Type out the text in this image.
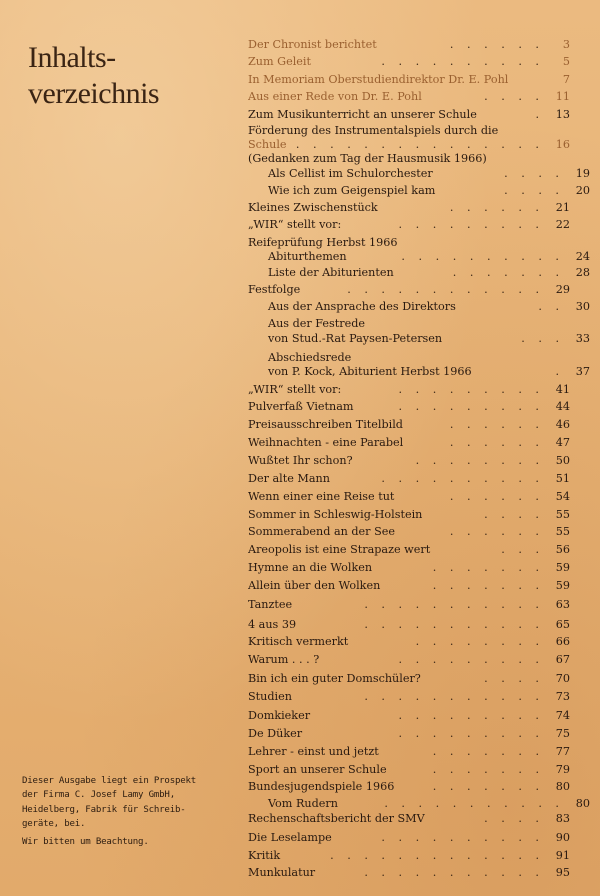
Inhalts-
verzeichnis
Der Chronist berichtet	. . . . . .	3
Zum Geleit	. . . . . . . . . .	5
In Memoriam Oberstudiendirektor Dr. E. Pohl	7
Aus einer Rede von Dr. E. Pohl	. . . .	11
Zum Musikunterricht an unserer Schule	.	13
Förderung des Instrumentalspiels durch die
Schule . . . . . . . . . . . . . . .	16
(Gedanken zum Tag der Hausmusik 1966)
Als Cellist im Schulorchester	. . . .	19
Wie ich zum Geigenspiel kam	. . . .	20
Kleines Zwischenstück	. . . . . .	21
„WIR“ stellt vor:	. . . . . . . . .	22
Reifeprüfung Herbst 1966
Abiturthemen	. . . . . . . . . .	24
Liste der Abiturienten	. . . . . . .	28
Festfolge	. . . . . . . . . . . .	29
Aus der Ansprache des Direktors	. .	30
Aus der Festrede
von Stud.-Rat Paysen-Petersen	. . .	33
Abschiedsrede
von P. Kock, Abiturient Herbst 1966	.	37
„WIR“ stellt vor:	. . . . . . . . .	41
Pulverfaß Vietnam	. . . . . . . . .	44
Preisausschreiben Titelbild	. . . . . .	46
Weihnachten - eine Parabel	. . . . . .	47
Wußtet Ihr schon?	. . . . . . . .	50
Der alte Mann	. . . . . . . . . .	51
Wenn einer eine Reise tut	. . . . . .	54
Sommer in Schleswig-Holstein	. . . .	55
Sommerabend an der See	. . . . . .	55
Areopolis ist eine Strapaze wert	. . .	56
Hymne an die Wolken	. . . . . . .	59
Allein über den Wolken	. . . . . . .	59
Tanztee	. . . . . . . . . . .	63
4 aus 39	. . . . . . . . . . .	65
Kritisch vermerkt	. . . . . . . .	66
Warum . . . ?	. . . . . . . . .	67
Bin ich ein guter Domschüler?	. . . .	70
Studien	. . . . . . . . . . .	73
Domkieker	. . . . . . . . .	74
De Düker	. . . . . . . . .	75
Lehrer - einst und jetzt	. . . . . . .	77
Sport an unserer Schule	. . . . . . .	79
Bundesjugendspiele 1966	. . . . . . .	80
Vom Rudern	. . . . . . . . . . .	80
Rechenschaftsbericht der SMV	. . . .	83
Die Leselampe	. . . . . . . . . .	90
Kritik	. . . . . . . . . . . . .	91
Munkulatur	. . . . . . . . . . .	95
Dieser Ausgabe liegt ein Prospekt
der Firma C. Josef Lamy GmbH,
Heidelberg, Fabrik für Schreib-
geräte, bei.
Wir bitten um Beachtung.
